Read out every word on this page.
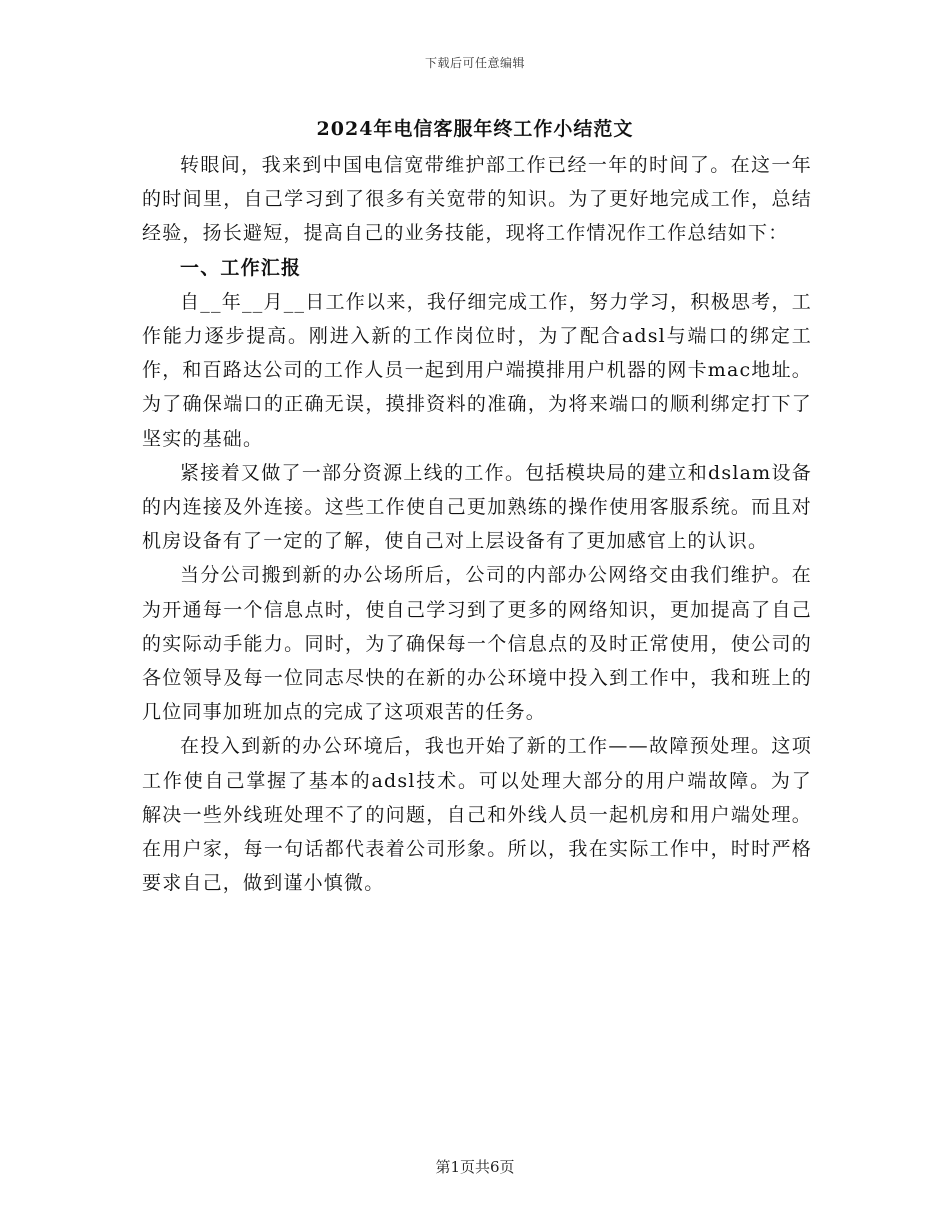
下载后可任意编辑
2024年电信客服年终工作小结范文

转眼间，我来到中国电信宽带维护部工作已经一年的时间了。在这一年的时间里，自己学习到了很多有关宽带的知识。为了更好地完成工作，总结经验，扬长避短，提高自己的业务技能，现将工作情况作工作总结如下：

一、工作汇报

自__年__月__日工作以来，我仔细完成工作，努力学习，积极思考，工作能力逐步提高。刚进入新的工作岗位时，为了配合adsl与端口的绑定工作，和百路达公司的工作人员一起到用户端摸排用户机器的网卡mac地址。为了确保端口的正确无误，摸排资料的准确，为将来端口的顺利绑定打下了坚实的基础。

紧接着又做了一部分资源上线的工作。包括模块局的建立和dslam设备的内连接及外连接。这些工作使自己更加熟练的操作使用客服系统。而且对机房设备有了一定的了解，使自己对上层设备有了更加感官上的认识。

当分公司搬到新的办公场所后，公司的内部办公网络交由我们维护。在为开通每一个信息点时，使自己学习到了更多的网络知识，更加提高了自己的实际动手能力。同时，为了确保每一个信息点的及时正常使用，使公司的各位领导及每一位同志尽快的在新的办公环境中投入到工作中，我和班上的几位同事加班加点的完成了这项艰苦的任务。

在投入到新的办公环境后，我也开始了新的工作——故障预处理。这项工作使自己掌握了基本的adsl技术。可以处理大部分的用户端故障。为了解决一些外线班处理不了的问题，自己和外线人员一起机房和用户端处理。在用户家，每一句话都代表着公司形象。所以，我在实际工作中，时时严格要求自己，做到谨小慎微。

第1页共6页
